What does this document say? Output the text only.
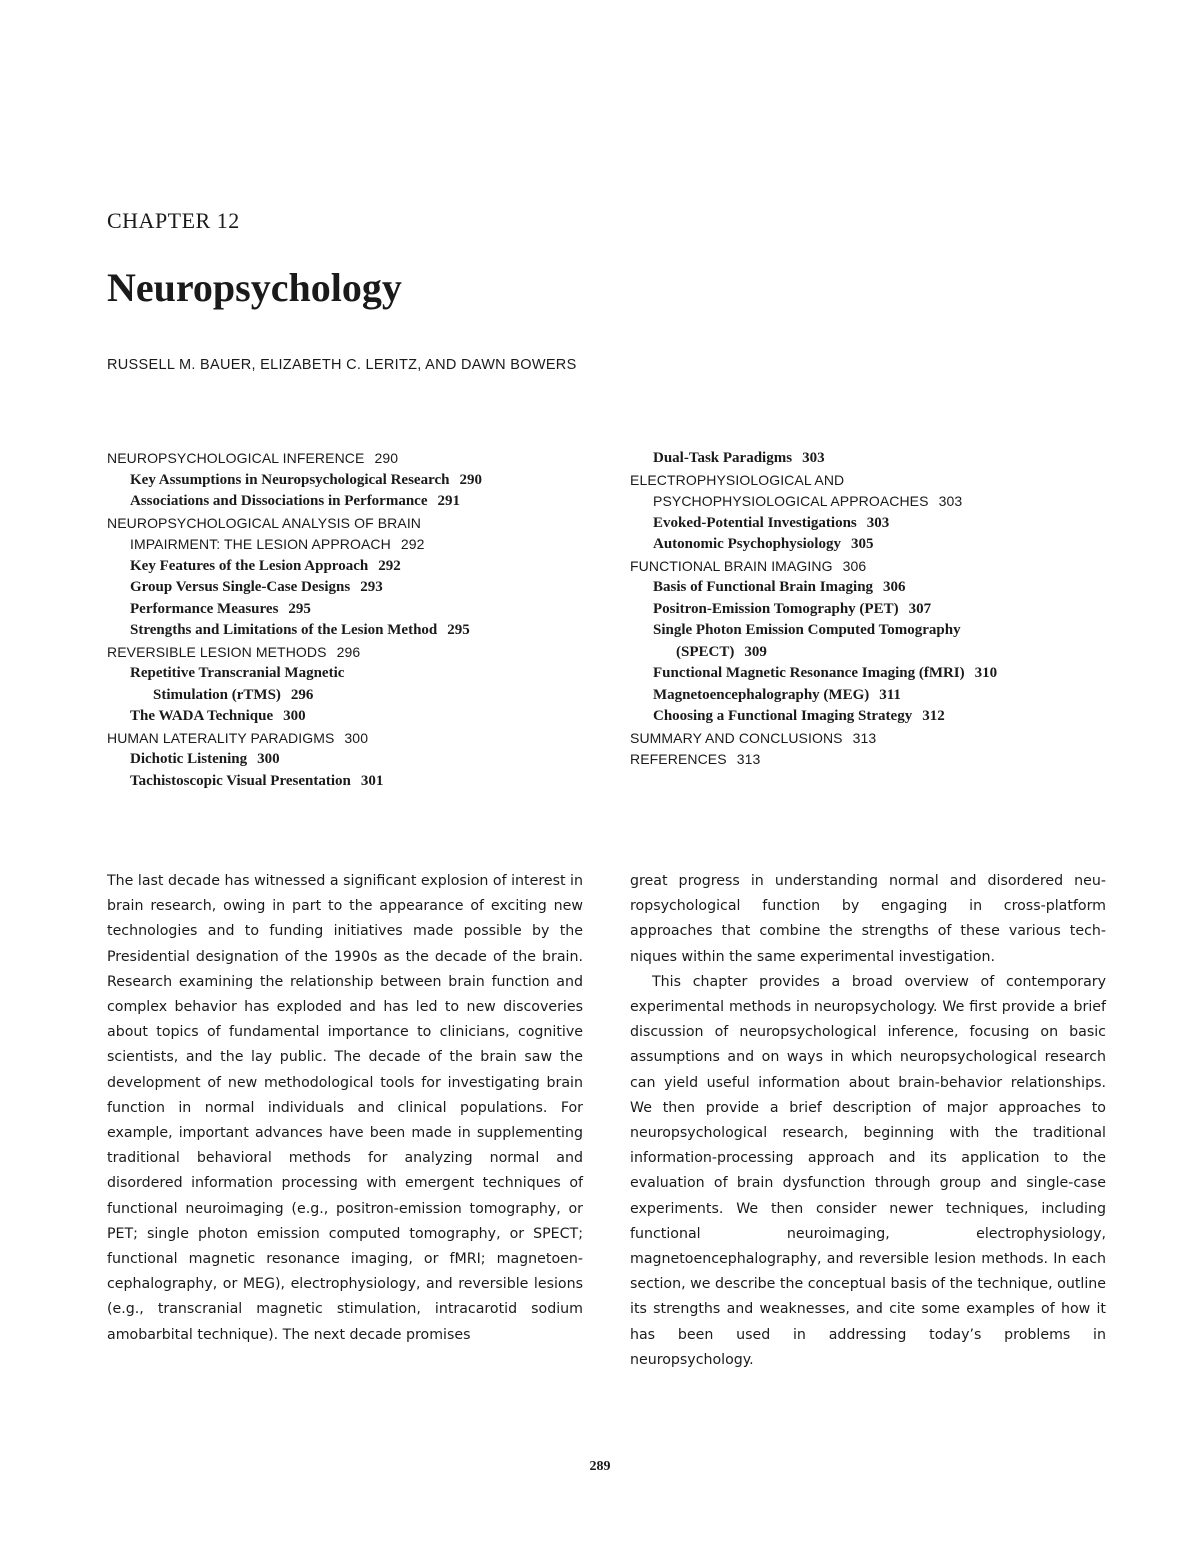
CHAPTER 12
Neuropsychology
RUSSELL M. BAUER, ELIZABETH C. LERITZ, AND DAWN BOWERS
NEUROPSYCHOLOGICAL INFERENCE 290
Key Assumptions in Neuropsychological Research 290
Associations and Dissociations in Performance 291
NEUROPSYCHOLOGICAL ANALYSIS OF BRAIN
IMPAIRMENT: THE LESION APPROACH 292
Key Features of the Lesion Approach 292
Group Versus Single-Case Designs 293
Performance Measures 295
Strengths and Limitations of the Lesion Method 295
REVERSIBLE LESION METHODS 296
Repetitive Transcranial Magnetic
Stimulation (rTMS) 296
The WADA Technique 300
HUMAN LATERALITY PARADIGMS 300
Dichotic Listening 300
Tachistoscopic Visual Presentation 301
Dual-Task Paradigms 303
ELECTROPHYSIOLOGICAL AND
PSYCHOPHYSIOLOGICAL APPROACHES 303
Evoked-Potential Investigations 303
Autonomic Psychophysiology 305
FUNCTIONAL BRAIN IMAGING 306
Basis of Functional Brain Imaging 306
Positron-Emission Tomography (PET) 307
Single Photon Emission Computed Tomography
(SPECT) 309
Functional Magnetic Resonance Imaging (fMRI) 310
Magnetoencephalography (MEG) 311
Choosing a Functional Imaging Strategy 312
SUMMARY AND CONCLUSIONS 313
REFERENCES 313

The last decade has witnessed a significant explosion of interest in brain research, owing in part to the appearance of exciting new technologies and to funding initiatives made possible by the Presidential designation of the 1990s as the decade of the brain. Research examining the relationship between brain function and complex behavior has exploded and has led to new discoveries about topics of fundamental importance to clinicians, cognitive scientists, and the lay public. The decade of the brain saw the development of new methodological tools for investigating brain function in normal individuals and clinical populations. For example, important advances have been made in supplementing traditional behavioral methods for analyzing normal and disordered information processing with emergent techniques of functional neuroimaging (e.g., positron-emission tomography, or PET; single photon emission computed tomography, or SPECT; functional magnetic resonance imaging, or fMRI; magnetoencephalography, or MEG), electrophysiology, and reversible lesions (e.g., transcranial magnetic stimulation, intracarotid sodium amobarbital technique). The next decade promises

great progress in understanding normal and disordered neuropsychological function by engaging in cross-platform approaches that combine the strengths of these various techniques within the same experimental investigation.

This chapter provides a broad overview of contemporary experimental methods in neuropsychology. We first provide a brief discussion of neuropsychological inference, focusing on basic assumptions and on ways in which neuropsychological research can yield useful information about brain-behavior relationships. We then provide a brief description of major approaches to neuropsychological research, beginning with the traditional information-processing approach and its application to the evaluation of brain dysfunction through group and single-case experiments. We then consider newer techniques, including functional neuroimaging, electrophysiology, magnetoencephalography, and reversible lesion methods. In each section, we describe the conceptual basis of the technique, outline its strengths and weaknesses, and cite some examples of how it has been used in addressing today’s problems in neuropsychology.

289
